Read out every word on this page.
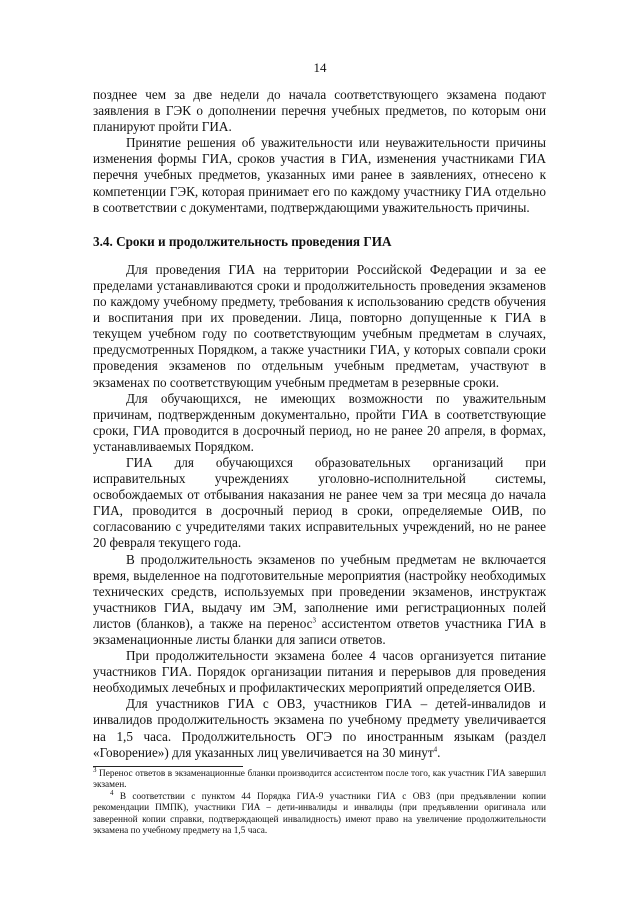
14

позднее чем за две недели до начала соответствующего экзамена подают заявления в ГЭК о дополнении перечня учебных предметов, по которым они планируют пройти ГИА.

Принятие решения об уважительности или неуважительности причины изменения формы ГИА, сроков участия в ГИА, изменения участниками ГИА перечня учебных предметов, указанных ими ранее в заявлениях, отнесено к компетенции ГЭК, которая принимает его по каждому участнику ГИА отдельно в соответствии с документами, подтверждающими уважительность причины.

3.4. Сроки и продолжительность проведения ГИА

Для проведения ГИА на территории Российской Федерации и за ее пределами устанавливаются сроки и продолжительность проведения экзаменов по каждому учебному предмету, требования к использованию средств обучения и воспитания при их проведении. Лица, повторно допущенные к ГИА в текущем учебном году по соответствующим учебным предметам в случаях, предусмотренных Порядком, а также участники ГИА, у которых совпали сроки проведения экзаменов по отдельным учебным предметам, участвуют в экзаменах по соответствующим учебным предметам в резервные сроки.

Для обучающихся, не имеющих возможности по уважительным причинам, подтвержденным документально, пройти ГИА в соответствующие сроки, ГИА проводится в досрочный период, но не ранее 20 апреля, в формах, устанавливаемых Порядком.

ГИА для обучающихся образовательных организаций при исправительных учреждениях уголовно-исполнительной системы, освобождаемых от отбывания наказания не ранее чем за три месяца до начала ГИА, проводится в досрочный период в сроки, определяемые ОИВ, по согласованию с учредителями таких исправительных учреждений, но не ранее 20 февраля текущего года.

В продолжительность экзаменов по учебным предметам не включается время, выделенное на подготовительные мероприятия (настройку необходимых технических средств, используемых при проведении экзаменов, инструктаж участников ГИА, выдачу им ЭМ, заполнение ими регистрационных полей листов (бланков), а также на перенос$^3$ ассистентом ответов участника ГИА в экзаменационные листы бланки для записи ответов.

При продолжительности экзамена более 4 часов организуется питание участников ГИА. Порядок организации питания и перерывов для проведения необходимых лечебных и профилактических мероприятий определяется ОИВ.

Для участников ГИА с ОВЗ, участников ГИА – детей-инвалидов и инвалидов продолжительность экзамена по учебному предмету увеличивается на 1,5 часа. Продолжительность ОГЭ по иностранным языкам (раздел «Говорение») для указанных лиц увеличивается на 30 минут$^4$.

$^3$ Перенос ответов в экзаменационные бланки производится ассистентом после того, как участник ГИА завершил экзамен.

$^4$ В соответствии с пунктом 44 Порядка ГИА-9 участники ГИА с ОВЗ (при предъявлении копии рекомендации ПМПК), участники ГИА – дети-инвалиды и инвалиды (при предъявлении оригинала или заверенной копии справки, подтверждающей инвалидность) имеют право на увеличение продолжительности экзамена по учебному предмету на 1,5 часа.
